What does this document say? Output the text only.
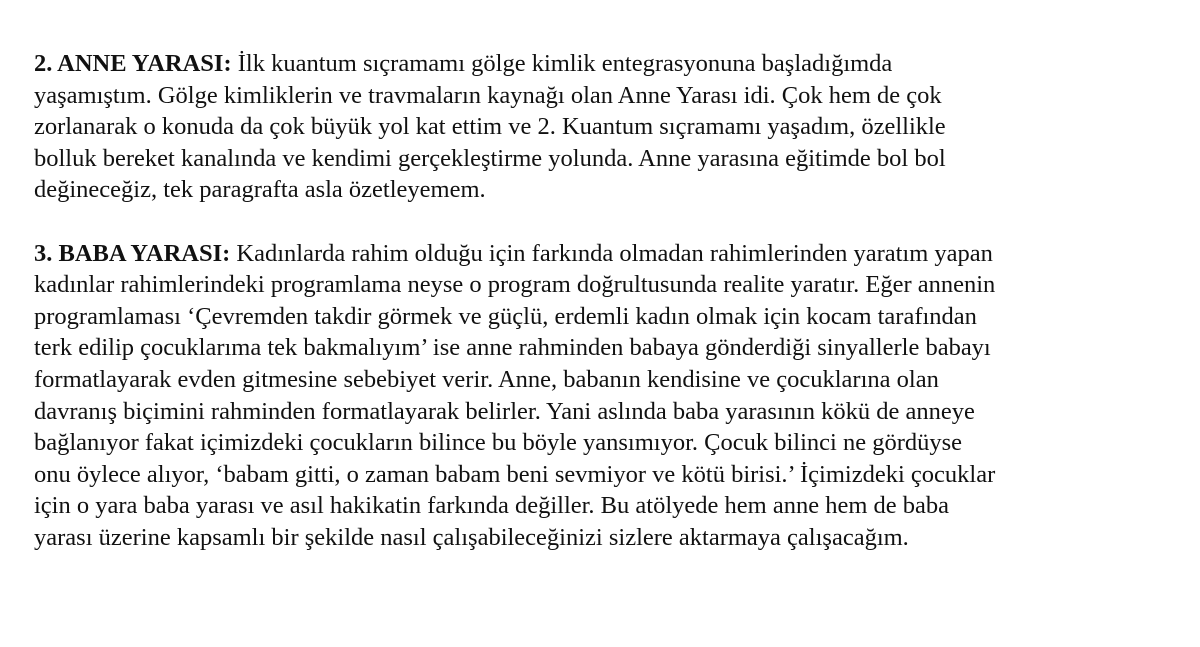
2. ANNE YARASI: İlk kuantum sıçramamı gölge kimlik entegrasyonuna başladığımda
yaşamıştım. Gölge kimliklerin ve travmaların kaynağı olan Anne Yarası idi. Çok hem de çok
zorlanarak o konuda da çok büyük yol kat ettim ve 2. Kuantum sıçramamı yaşadım, özellikle
bolluk bereket kanalında ve kendimi gerçekleştirme yolunda. Anne yarasına eğitimde bol bol
değineceğiz, tek paragrafta asla özetleyemem.

3. BABA YARASI: Kadınlarda rahim olduğu için farkında olmadan rahimlerinden yaratım yapan
kadınlar rahimlerindeki programlama neyse o program doğrultusunda realite yaratır. Eğer annenin
programlaması ‘Çevremden takdir görmek ve güçlü, erdemli kadın olmak için kocam tarafından
terk edilip çocuklarıma tek bakmalıyım’ ise anne rahminden babaya gönderdiği sinyallerle babayı
formatlayarak evden gitmesine sebebiyet verir. Anne, babanın kendisine ve çocuklarına olan
davranış biçimini rahminden formatlayarak belirler. Yani aslında baba yarasının kökü de anneye
bağlanıyor fakat içimizdeki çocukların bilince bu böyle yansımıyor. Çocuk bilinci ne gördüyse
onu öylece alıyor, ‘babam gitti, o zaman babam beni sevmiyor ve kötü birisi.’ İçimizdeki çocuklar
için o yara baba yarası ve asıl hakikatin farkında değiller. Bu atölyede hem anne hem de baba
yarası üzerine kapsamlı bir şekilde nasıl çalışabileceğinizi sizlere aktarmaya çalışacağım.
